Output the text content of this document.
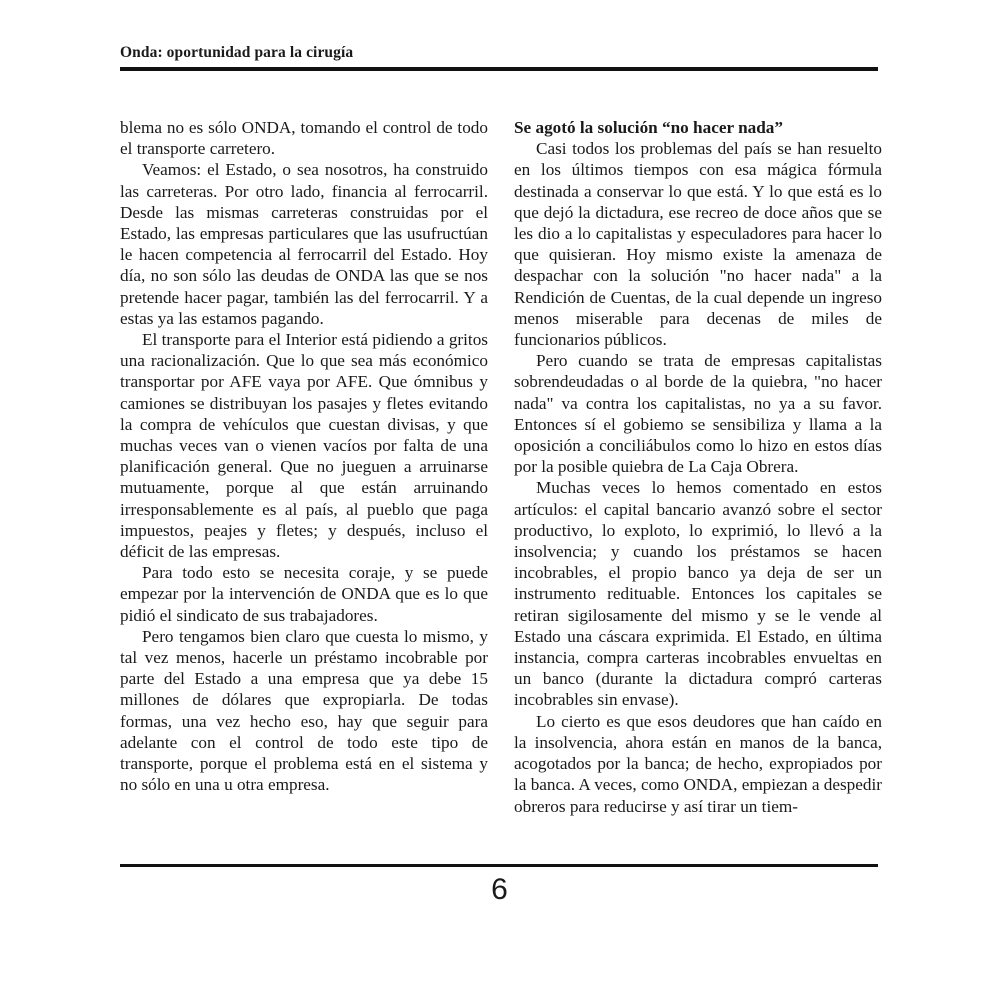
Onda: oportunidad para la cirugía

blema no es sólo ONDA, tomando el control de todo el transporte carretero.

Veamos: el Estado, o sea nosotros, ha construido las carreteras. Por otro lado, financia al ferrocarril. Desde las mismas carreteras construidas por el Estado, las empresas particulares que las usufructúan le hacen competencia al ferrocarril del Estado. Hoy día, no son sólo las deudas de ONDA las que se nos pretende hacer pagar, también las del ferrocarril. Y a estas ya las estamos pagando.

El transporte para el Interior está pidiendo a gritos una racionalización. Que lo que sea más económico transportar por AFE vaya por AFE. Que ómnibus y camiones se distribuyan los pasajes y fletes evitando la compra de vehículos que cuestan divisas, y que muchas veces van o vienen vacíos por falta de una planificación general. Que no jueguen a arruinarse mutuamente, porque al que están arruinando irresponsablemente es al país, al pueblo que paga impuestos, peajes y fletes; y después, incluso el déficit de las empresas.

Para todo esto se necesita coraje, y se puede empezar por la intervención de ONDA que es lo que pidió el sindicato de sus trabajadores.

Pero tengamos bien claro que cuesta lo mismo, y tal vez menos, hacerle un préstamo incobrable por parte del Estado a una empresa que ya debe 15 millones de dólares que expropiarla. De todas formas, una vez hecho eso, hay que seguir para adelante con el control de todo este tipo de transporte, porque el problema está en el sistema y no sólo en una u otra empresa.

Se agotó la solución “no hacer nada”

Casi todos los problemas del país se han resuelto en los últimos tiempos con esa mágica fórmula destinada a conservar lo que está. Y lo que está es lo que dejó la dictadura, ese recreo de doce años que se les dio a lo capitalistas y especuladores para hacer lo que quisieran. Hoy mismo existe la amenaza de despachar con la solución "no hacer nada" a la Rendición de Cuentas, de la cual depende un ingreso menos miserable para decenas de miles de funcionarios públicos.

Pero cuando se trata de empresas capitalistas sobrendeudadas o al borde de la quiebra, "no hacer nada" va contra los capitalistas, no ya a su favor. Entonces sí el gobiemo se sensibiliza y llama a la oposición a conciliábulos como lo hizo en estos días por la posible quiebra de La Caja Obrera.

Muchas veces lo hemos comentado en estos artículos: el capital bancario avanzó sobre el sector productivo, lo exploto, lo exprimió, lo llevó a la insolvencia; y cuando los préstamos se hacen incobrables, el propio banco ya deja de ser un instrumento redituable. Entonces los capitales se retiran sigilosamente del mismo y se le vende al Estado una cáscara exprimida. El Estado, en última instancia, compra carteras incobrables envueltas en un banco (durante la dictadura compró carteras incobrables sin envase).

Lo cierto es que esos deudores que han caído en la insolvencia, ahora están en manos de la banca, acogotados por la banca; de hecho, expropiados por la banca. A veces, como ONDA, empiezan a despedir obreros para reducirse y así tirar un tiem-

6
